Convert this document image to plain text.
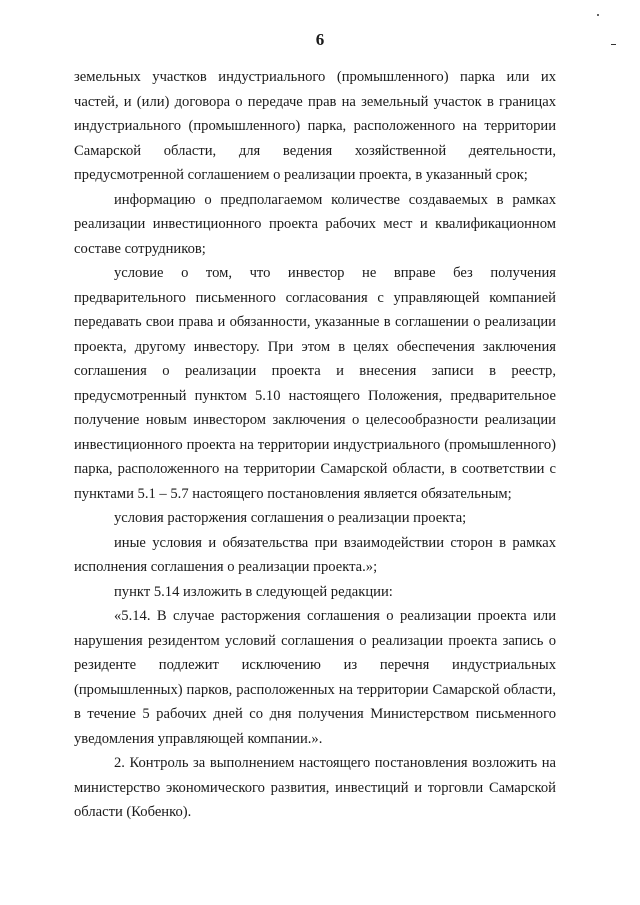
6

земельных участков индустриального (промышленного) парка или их частей, и (или) договора о передаче прав на земельный участок в границах индустриального (промышленного) парка, расположенного на территории Самарской области, для ведения хозяйственной деятельности, предусмотренной соглашением о реализации проекта, в указанный срок;

информацию о предполагаемом количестве создаваемых в рамках реализации инвестиционного проекта рабочих мест и квалификационном составе сотрудников;

условие о том, что инвестор не вправе без получения предварительного письменного согласования с управляющей компанией передавать свои права и обязанности, указанные в соглашении о реализации проекта, другому инвестору. При этом в целях обеспечения заключения соглашения о реализации проекта и внесения записи в реестр, предусмотренный пунктом 5.10 настоящего Положения, предварительное получение новым инвестором заключения о целесообразности реализации инвестиционного проекта на территории индустриального (промышленного) парка, расположенного на территории Самарской области, в соответствии с пунктами 5.1 – 5.7 настоящего постановления является обязательным;

условия расторжения соглашения о реализации проекта;

иные условия и обязательства при взаимодействии сторон в рамках исполнения соглашения о реализации проекта.»;

пункт 5.14 изложить в следующей редакции:

«5.14. В случае расторжения соглашения о реализации проекта или нарушения резидентом условий соглашения о реализации проекта запись о резиденте подлежит исключению из перечня индустриальных (промышленных) парков, расположенных на территории Самарской области, в течение 5 рабочих дней со дня получения Министерством письменного уведомления управляющей компании.».

2. Контроль за выполнением настоящего постановления возложить на министерство экономического развития, инвестиций и торговли Самарской области (Кобенко).
